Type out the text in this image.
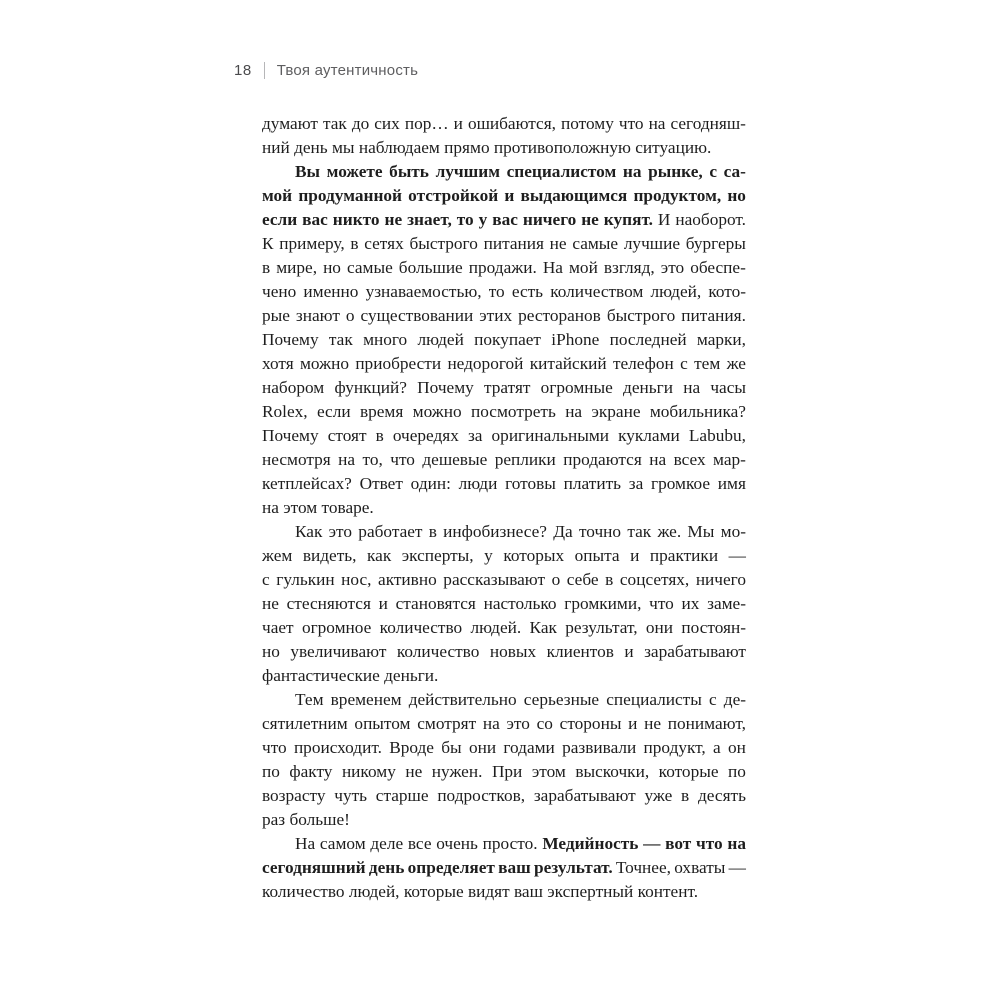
18 Твоя аутентичность
думают так до сих пор… и ошибаются, потому что на сегодняш-
ний день мы наблюдаем прямо противоположную ситуацию.
Вы можете быть лучшим специалистом на рынке, с са-
мой продуманной отстройкой и выдающимся продуктом, но
если вас никто не знает, то у вас ничего не купят. И наоборот.
К примеру, в сетях быстрого питания не самые лучшие бургеры
в мире, но самые большие продажи. На мой взгляд, это обеспе-
чено именно узнаваемостью, то есть количеством людей, кото-
рые знают о существовании этих ресторанов быстрого питания.
Почему так много людей покупает iPhone последней марки,
хотя можно приобрести недорогой китайский телефон с тем же
набором функций? Почему тратят огромные деньги на часы
Rolex, если время можно посмотреть на экране мобильника?
Почему стоят в очередях за оригинальными куклами Labubu,
несмотря на то, что дешевые реплики продаются на всех мар-
кетплейсах? Ответ один: люди готовы платить за громкое имя
на этом товаре.
Как это работает в инфобизнесе? Да точно так же. Мы мо-
жем видеть, как эксперты, у которых опыта и практики —
с гулькин нос, активно рассказывают о себе в соцсетях, ничего
не стесняются и становятся настолько громкими, что их заме-
чает огромное количество людей. Как результат, они постоян-
но увеличивают количество новых клиентов и зарабатывают
фантастические деньги.
Тем временем действительно серьезные специалисты с де-
сятилетним опытом смотрят на это со стороны и не понимают,
что происходит. Вроде бы они годами развивали продукт, а он
по факту никому не нужен. При этом выскочки, которые по
возрасту чуть старше подростков, зарабатывают уже в десять
раз больше!
На самом деле все очень просто. Медийность — вот что на
сегодняшний день определяет ваш результат. Точнее, охваты —
количество людей, которые видят ваш экспертный контент.
